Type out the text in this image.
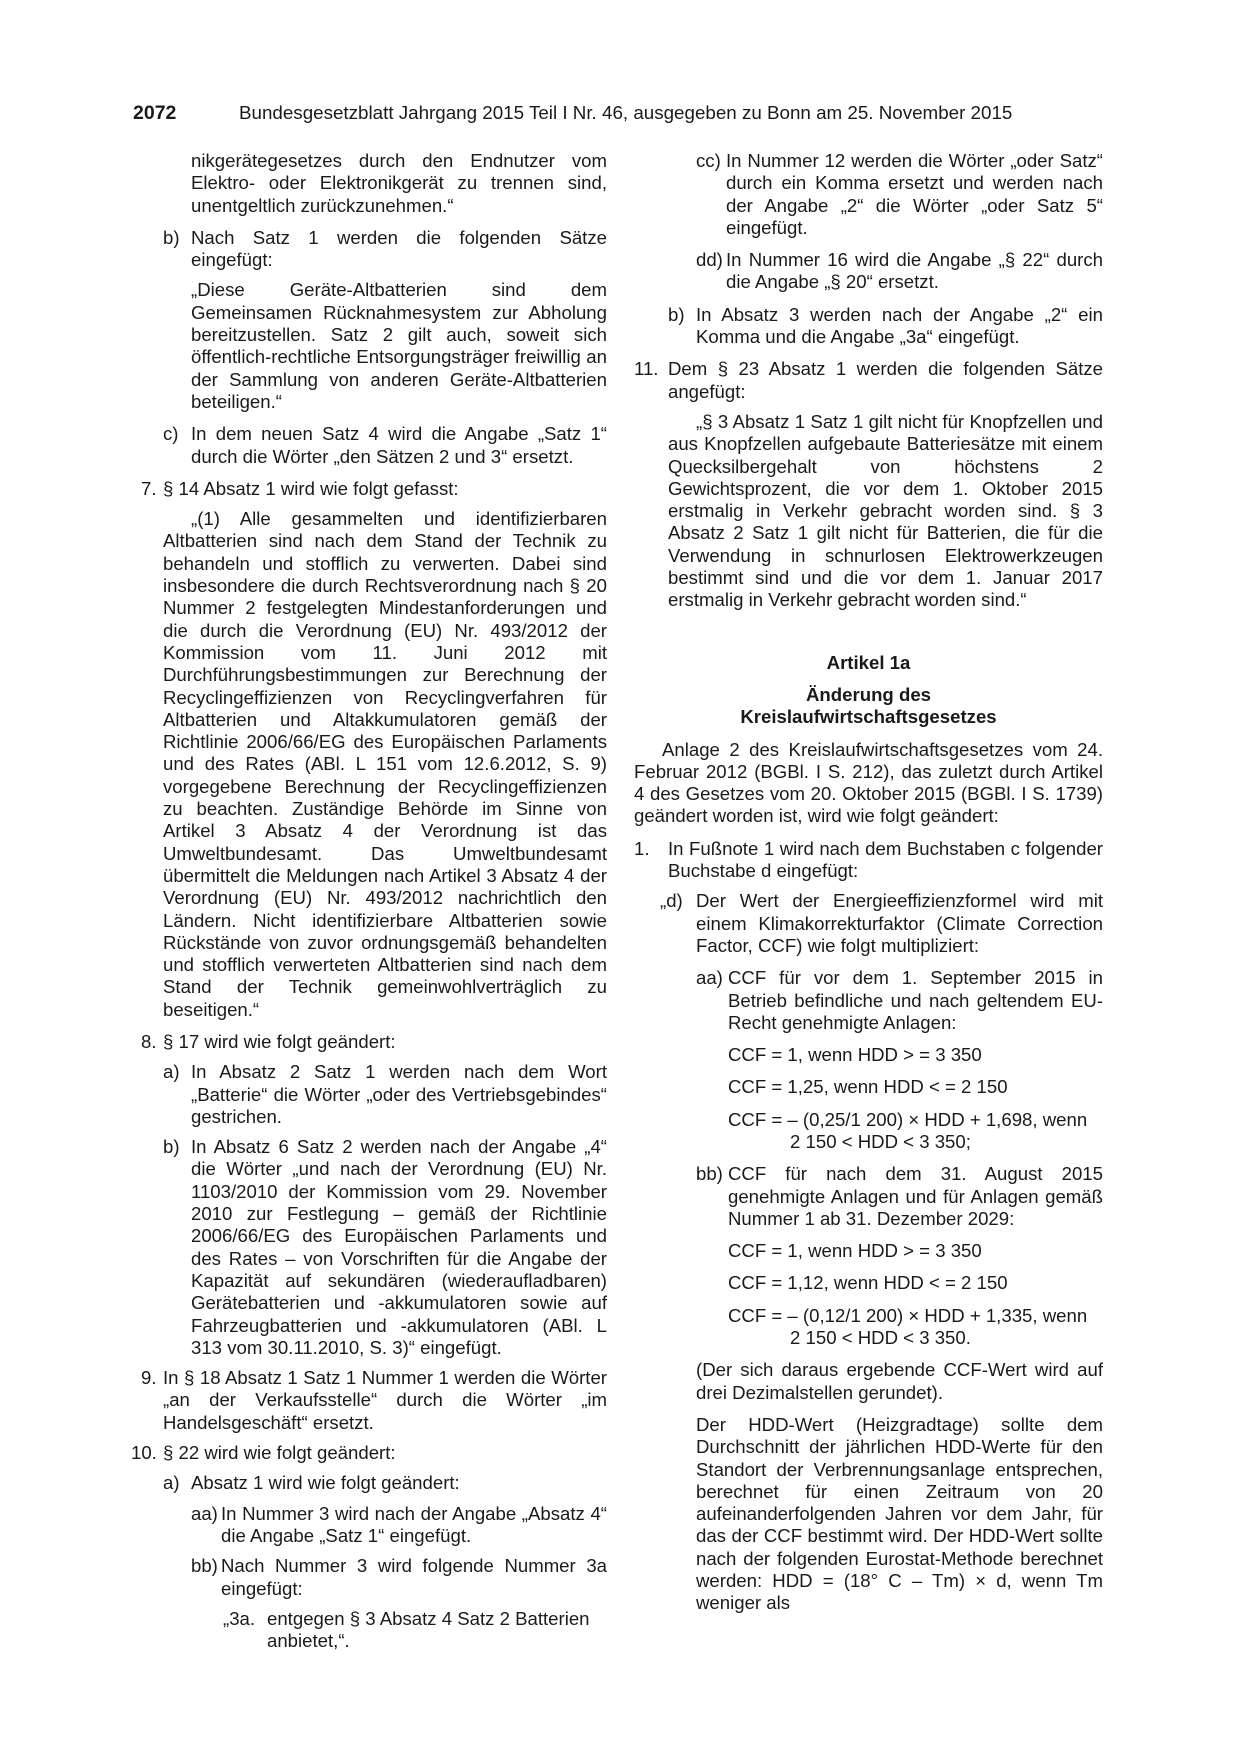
2072	Bundesgesetzblatt Jahrgang 2015 Teil I Nr. 46, ausgegeben zu Bonn am 25. November 2015

nikgerätegesetzes durch den Endnutzer vom Elektro- oder Elektronikgerät zu trennen sind, unentgeltlich zurückzunehmen.“

b) Nach Satz 1 werden die folgenden Sätze eingefügt:

„Diese Geräte-Altbatterien sind dem Gemeinsamen Rücknahmesystem zur Abholung bereitzustellen. Satz 2 gilt auch, soweit sich öffentlich-rechtliche Entsorgungsträger freiwillig an der Sammlung von anderen Geräte-Altbatterien beteiligen.“

c) In dem neuen Satz 4 wird die Angabe „Satz 1“ durch die Wörter „den Sätzen 2 und 3“ ersetzt.
7. § 14 Absatz 1 wird wie folgt gefasst:

„(1) Alle gesammelten und identifizierbaren Altbatterien sind nach dem Stand der Technik zu behandeln und stofflich zu verwerten. Dabei sind insbesondere die durch Rechtsverordnung nach § 20 Nummer 2 festgelegten Mindestanforderungen und die durch die Verordnung (EU) Nr. 493/2012 der Kommission vom 11. Juni 2012 mit Durchführungsbestimmungen zur Berechnung der Recyclingeffizienzen von Recyclingverfahren für Altbatterien und Altakkumulatoren gemäß der Richtlinie 2006/66/EG des Europäischen Parlaments und des Rates (ABl. L 151 vom 12.6.2012, S. 9) vorgegebene Berechnung der Recyclingeffizienzen zu beachten. Zuständige Behörde im Sinne von Artikel 3 Absatz 4 der Verordnung ist das Umweltbundesamt. Das Umweltbundesamt übermittelt die Meldungen nach Artikel 3 Absatz 4 der Verordnung (EU) Nr. 493/2012 nachrichtlich den Ländern. Nicht identifizierbare Altbatterien sowie Rückstände von zuvor ordnungsgemäß behandelten und stofflich verwerteten Altbatterien sind nach dem Stand der Technik gemeinwohlverträglich zu beseitigen.“

8. § 17 wird wie folgt geändert:
a) In Absatz 2 Satz 1 werden nach dem Wort „Batterie“ die Wörter „oder des Vertriebsgebindes“ gestrichen.
b) In Absatz 6 Satz 2 werden nach der Angabe „4“ die Wörter „und nach der Verordnung (EU) Nr. 1103/2010 der Kommission vom 29. November 2010 zur Festlegung – gemäß der Richtlinie 2006/66/EG des Europäischen Parlaments und des Rates – von Vorschriften für die Angabe der Kapazität auf sekundären (wiederaufladbaren) Gerätebatterien und -akkumulatoren sowie auf Fahrzeugbatterien und -akkumulatoren (ABl. L 313 vom 30.11.2010, S. 3)“ eingefügt.
9. In § 18 Absatz 1 Satz 1 Nummer 1 werden die Wörter „an der Verkaufsstelle“ durch die Wörter „im Handelsgeschäft“ ersetzt.
10. § 22 wird wie folgt geändert:
a) Absatz 1 wird wie folgt geändert:
aa) In Nummer 3 wird nach der Angabe „Absatz 4“ die Angabe „Satz 1“ eingefügt.
bb) Nach Nummer 3 wird folgende Nummer 3a eingefügt:
„3a. entgegen § 3 Absatz 4 Satz 2 Batterien anbietet,“.
cc) In Nummer 12 werden die Wörter „oder Satz“ durch ein Komma ersetzt und werden nach der Angabe „2“ die Wörter „oder Satz 5“ eingefügt.
dd) In Nummer 16 wird die Angabe „§ 22“ durch die Angabe „§ 20“ ersetzt.
b) In Absatz 3 werden nach der Angabe „2“ ein Komma und die Angabe „3a“ eingefügt.
11. Dem § 23 Absatz 1 werden die folgenden Sätze angefügt:

„§ 3 Absatz 1 Satz 1 gilt nicht für Knopfzellen und aus Knopfzellen aufgebaute Batteriesätze mit einem Quecksilbergehalt von höchstens 2 Gewichtsprozent, die vor dem 1. Oktober 2015 erstmalig in Verkehr gebracht worden sind. § 3 Absatz 2 Satz 1 gilt nicht für Batterien, die für die Verwendung in schnurlosen Elektrowerkzeugen bestimmt sind und die vor dem 1. Januar 2017 erstmalig in Verkehr gebracht worden sind.“

Artikel 1a
Änderung des
Kreislaufwirtschaftsgesetzes

Anlage 2 des Kreislaufwirtschaftsgesetzes vom 24. Februar 2012 (BGBl. I S. 212), das zuletzt durch Artikel 4 des Gesetzes vom 20. Oktober 2015 (BGBl. I S. 1739) geändert worden ist, wird wie folgt geändert:

1. In Fußnote 1 wird nach dem Buchstaben c folgender Buchstabe d eingefügt:
„d) Der Wert der Energieeffizienzformel wird mit einem Klimakorrekturfaktor (Climate Correction Factor, CCF) wie folgt multipliziert:
aa) CCF für vor dem 1. September 2015 in Betrieb befindliche und nach geltendem EU-Recht genehmigte Anlagen:
CCF = 1, wenn HDD > = 3 350
CCF = 1,25, wenn HDD < = 2 150
CCF = – (0,25/1 200) × HDD + 1,698, wenn
2 150 < HDD < 3 350;
bb) CCF für nach dem 31. August 2015 genehmigte Anlagen und für Anlagen gemäß Nummer 1 ab 31. Dezember 2029:
CCF = 1, wenn HDD > = 3 350
CCF = 1,12, wenn HDD < = 2 150
CCF = – (0,12/1 200) × HDD + 1,335, wenn
2 150 < HDD < 3 350.

(Der sich daraus ergebende CCF-Wert wird auf drei Dezimalstellen gerundet).

Der HDD-Wert (Heizgradtage) sollte dem Durchschnitt der jährlichen HDD-Werte für den Standort der Verbrennungsanlage entsprechen, berechnet für einen Zeitraum von 20 aufeinanderfolgenden Jahren vor dem Jahr, für das der CCF bestimmt wird. Der HDD-Wert sollte nach der folgenden Eurostat-Methode berechnet werden: HDD = (18° C – Tm) × d, wenn Tm weniger als
